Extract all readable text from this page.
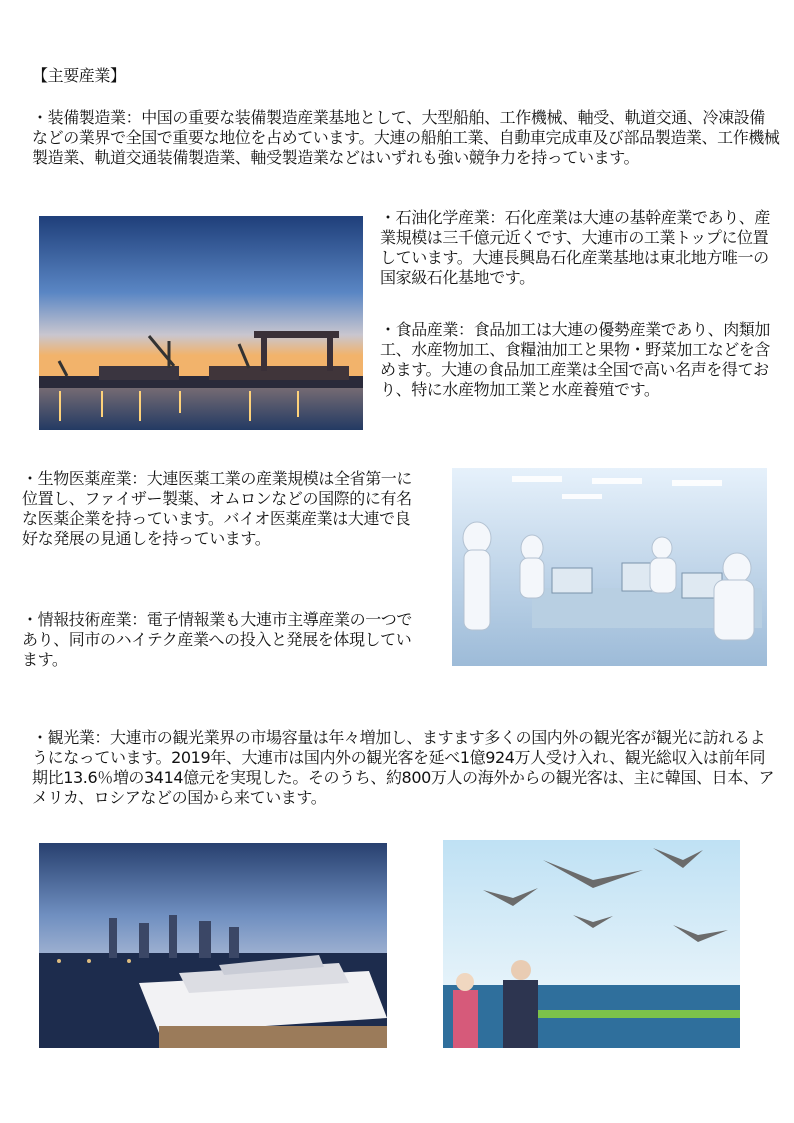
【主要産業】
・装備製造業：中国の重要な装備製造産業基地として、大型船舶、工作機械、軸受、軌道交通、冷凍設備などの業界で全国で重要な地位を占めています。大連の船舶工業、自動車完成車及び部品製造業、工作機械製造業、軌道交通装備製造業、軸受製造業などはいずれも強い競争力を持っています。
・石油化学産業：石化産業は大連の基幹産業であり、産業規模は三千億元近くです、大連市の工業トップに位置しています。大連長興島石化産業基地は東北地方唯一の国家級石化基地です。
・食品産業：食品加工は大連の優勢産業であり、肉類加工、水産物加工、食糧油加工と果物・野菜加工などを含めます。大連の食品加工産業は全国で高い名声を得ており、特に水産物加工業と水産養殖です。
・生物医薬産業：大連医薬工業の産業規模は全省第一に位置し、ファイザー製薬、オムロンなどの国際的に有名な医薬企業を持っています。バイオ医薬産業は大連で良好な発展の見通しを持っています。
・情報技術産業：電子情報業も大連市主導産業の一つであり、同市のハイテク産業への投入と発展を体現しています。
・観光業：大連市の観光業界の市場容量は年々増加し、ますます多くの国内外の観光客が観光に訪れるようになっています。2019年、大連市は国内外の観光客を延べ1億924万人受け入れ、観光総収入は前年同期比13.6％増の3414億元を実現した。そのうち、約800万人の海外からの観光客は、主に韓国、日本、アメリカ、ロシアなどの国から来ています。
